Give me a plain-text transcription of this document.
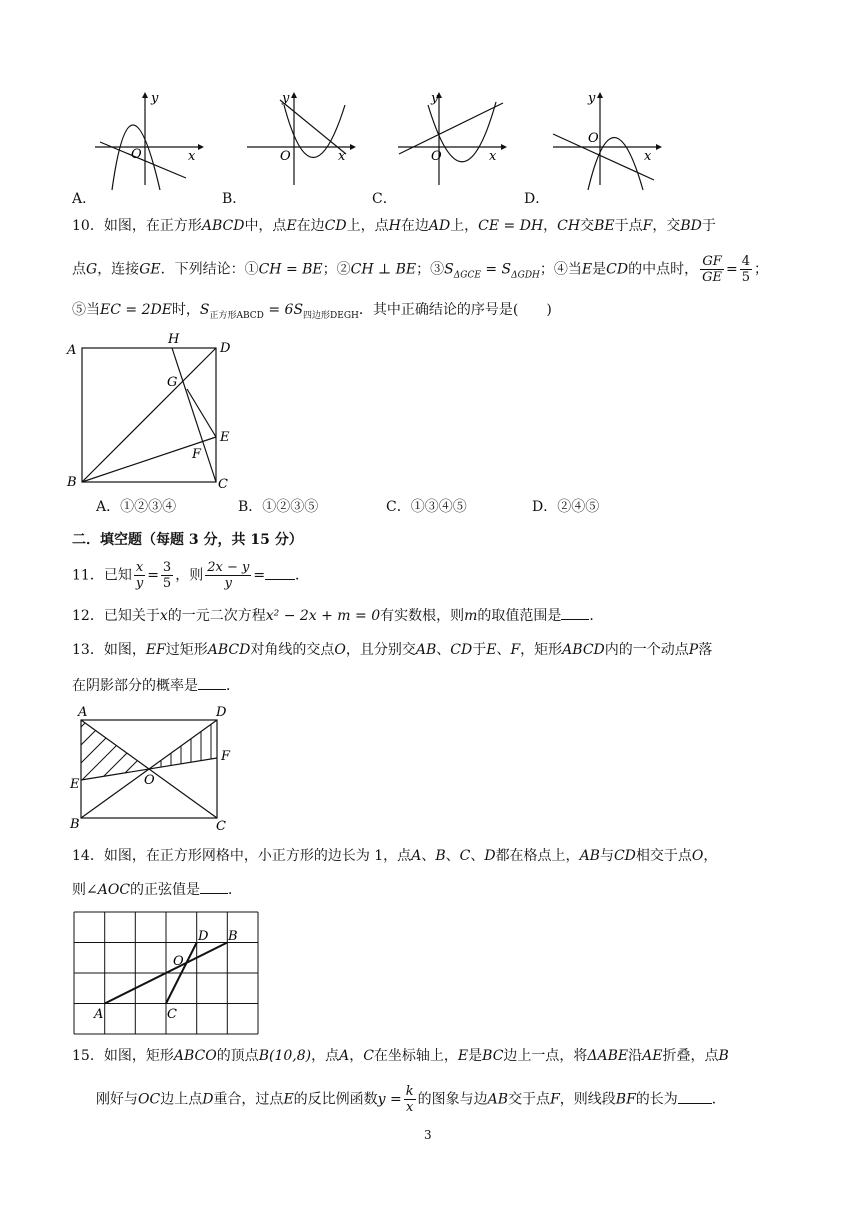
y
x
O
y
x
O
y
x
O
y
x
O
A．	B．	C．	D．
10．如图，在正方形ABCD中，点E在边CD上，点H在边AD上，CE = DH，CH交BE于点F，交BD于
点G，连接GE．下列结论：①CH = BE；②CH ⊥ BE；$③S_{\Delta GCE} = S_{\Delta GDH}$；④当E是CD的中点时， $\frac{GF}{GE} = \frac{4}{5}$ ；
⑤当EC = 2DE时，$S_{正方形ABCD} = 6S_{四边形DEGH}$．其中正确结论的序号是(　　)
A
B	C
D
E
F
G
H
A．①②③④	B．①②③⑤	C．①③④⑤	D．②④⑤
二．填空题（每题 3 分，共 15 分）
11．已知 $\frac{x}{y} = \frac{3}{5}$ ，则 $\frac{2x - y}{y}$ = ．
12．已知关于x的一元二次方程x² − 2x + m = 0有实数根，则m的取值范围是 ．
13．如图，EF过矩形ABCD对角线的交点O，且分别交AB、CD于E、F，矩形ABCD内的一个动点P落
在阴影部分的概率是 ．
A
B	C
D
E
F
O
14．如图，在正方形网格中，小正方形的边长为 1，点A、B、C、D都在格点上，AB与CD相交于点O，
则∠AOC的正弦值是 ．
A
B
C
D
O
15．如图，矩形ABCO的顶点B(10,8)，点A，C在坐标轴上，E是BC边上一点，将ΔABE沿AE折叠，点B
刚好与OC边上点D重合，过点E的反比例函数$y = \frac{k}{x}$ 的图象与边AB交于点F，则线段BF的长为 ．
3
